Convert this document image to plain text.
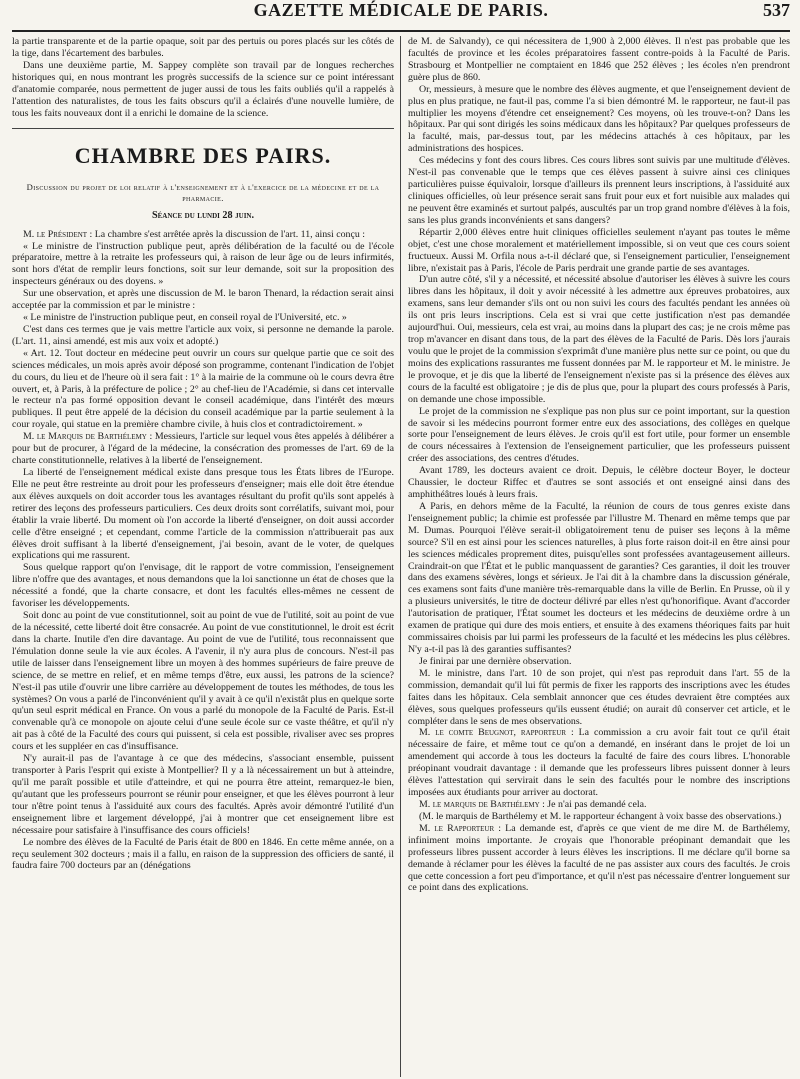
GAZETTE MÉDICALE DE PARIS.	537

la partie transparente et de la partie opaque, soit par des pertuis ou pores placés sur les côtés de la tige, dans l'écartement des barbules.

Dans une deuxième partie, M. Sappey complète son travail par de longues recherches historiques qui, en nous montrant les progrès successifs de la science sur ce point intéressant d'anatomie comparée, nous permettent de juger aussi de tous les faits oubliés qu'il a rappelés à l'attention des naturalistes, de tous les faits obscurs qu'il a éclairés d'une nouvelle lumière, de tous les faits nouveaux dont il a enrichi le domaine de la science.

CHAMBRE DES PAIRS.
Discussion du projet de loi relatif à l'enseignement et à l'exercice de la médecine et de la pharmacie.
Séance du lundi 28 juin.

M. le Président : La chambre s'est arrêtée après la discussion de l'art. 11, ainsi conçu :

« Le ministre de l'instruction publique peut, après délibération de la faculté ou de l'école préparatoire, mettre à la retraite les professeurs qui, à raison de leur âge ou de leurs infirmités, sont hors d'état de remplir leurs fonctions, soit sur leur demande, soit sur la proposition des inspecteurs généraux ou des doyens. »

Sur une observation, et après une discussion de M. le baron Thenard, la rédaction serait ainsi acceptée par la commission et par le ministre :

« Le ministre de l'instruction publique peut, en conseil royal de l'Université, etc. »

C'est dans ces termes que je vais mettre l'article aux voix, si personne ne demande la parole. (L'art. 11, ainsi amendé, est mis aux voix et adopté.)

« Art. 12. Tout docteur en médecine peut ouvrir un cours sur quelque partie que ce soit des sciences médicales, un mois après avoir déposé son programme, contenant l'indication de l'objet du cours, du lieu et de l'heure où il sera fait : 1° à la mairie de la commune où le cours devra être ouvert, et, à Paris, à la préfecture de police ; 2° au chef-lieu de l'Académie, si dans cet intervalle le recteur n'a pas formé opposition devant le conseil académique, dans l'intérêt des mœurs publiques. Il peut être appelé de la décision du conseil académique par la partie seulement à la cour royale, qui statue en la première chambre civile, à huis clos et contradictoirement. »

M. le Marquis de Barthélemy : Messieurs, l'article sur lequel vous êtes appelés à délibérer a pour but de procurer, à l'égard de la médecine, la consécration des promesses de l'art. 69 de la charte constitutionnelle, relatives à la liberté de l'enseignement.

La liberté de l'enseignement médical existe dans presque tous les États libres de l'Europe. Elle ne peut être restreinte au droit pour les professeurs d'enseigner; mais elle doit être étendue aux élèves auxquels on doit accorder tous les avantages résultant du profit qu'ils sont appelés à retirer des leçons des professeurs particuliers. Ces deux droits sont corrélatifs, suivant moi, pour établir la vraie liberté. Du moment où l'on accorde la liberté d'enseigner, on doit aussi accorder celle d'être enseigné ; et cependant, comme l'article de la commission n'attribuerait pas aux élèves droit suffisant à la liberté d'enseignement, j'ai besoin, avant de le voter, de quelques explications qui me rassurent.

Sous quelque rapport qu'on l'envisage, dit le rapport de votre commission, l'enseignement libre n'offre que des avantages, et nous demandons que la loi sanctionne un état de choses que la nécessité a fondé, que la charte consacre, et dont les facultés elles-mêmes ne cessent de favoriser les développements.

Soit donc au point de vue constitutionnel, soit au point de vue de l'utilité, soit au point de vue de la nécessité, cette liberté doit être consacrée. Au point de vue constitutionnel, le droit est écrit dans la charte. Inutile d'en dire davantage. Au point de vue de l'utilité, tous reconnaissent que l'émulation donne seule la vie aux écoles. A l'avenir, il n'y aura plus de concours. N'est-il pas utile de laisser dans l'enseignement libre un moyen à des hommes supérieurs de faire preuve de science, de se mettre en relief, et en même temps d'être, eux aussi, les patrons de la science? N'est-il pas utile d'ouvrir une libre carrière au développement de toutes les méthodes, de tous les systèmes? On vous a parlé de l'inconvénient qu'il y avait à ce qu'il n'existât plus en quelque sorte qu'un seul esprit médical en France. On vous a parlé du monopole de la Faculté de Paris. Est-il convenable qu'à ce monopole on ajoute celui d'une seule école sur ce vaste théâtre, et qu'il n'y ait pas à côté de la Faculté des cours qui puissent, si cela est possible, rivaliser avec ses propres cours et les suppléer en cas d'insuffisance.

N'y aurait-il pas de l'avantage à ce que des médecins, s'associant ensemble, puissent transporter à Paris l'esprit qui existe à Montpellier? Il y a là nécessairement un but à atteindre, qu'il me paraît possible et utile d'atteindre, et qui ne pourra être atteint, remarquez-le bien, qu'autant que les professeurs pourront se réunir pour enseigner, et que les élèves pourront à leur tour n'être point tenus à l'assiduité aux cours des facultés. Après avoir démontré l'utilité d'un enseignement libre et largement développé, j'ai à montrer que cet enseignement libre est nécessaire pour satisfaire à l'insuffisance des cours officiels!

Le nombre des élèves de la Faculté de Paris était de 800 en 1846. En cette même année, on a reçu seulement 302 docteurs ; mais il a fallu, en raison de la suppression des officiers de santé, il faudra faire 700 docteurs par an (dénégations

de M. de Salvandy), ce qui nécessitera de 1,900 à 2,000 élèves. Il n'est pas probable que les facultés de province et les écoles préparatoires fassent contre-poids à la Faculté de Paris. Strasbourg et Montpellier ne comptaient en 1846 que 252 élèves ; les écoles n'en prendront guère plus de 860.

Or, messieurs, à mesure que le nombre des élèves augmente, et que l'enseignement devient de plus en plus pratique, ne faut-il pas, comme l'a si bien démontré M. le rapporteur, ne faut-il pas multiplier les moyens d'étendre cet enseignement? Ces moyens, où les trouve-t-on? Dans les hôpitaux. Par qui sont dirigés les soins médicaux dans les hôpitaux? Par quelques professeurs de la faculté, mais, par-dessus tout, par les médecins attachés à ces hôpitaux, par les administrations des hospices.

Ces médecins y font des cours libres. Ces cours libres sont suivis par une multitude d'élèves. N'est-il pas convenable que le temps que ces élèves passent à suivre ainsi ces cliniques particulières puisse équivaloir, lorsque d'ailleurs ils prennent leurs inscriptions, à l'assiduité aux cliniques officielles, où leur présence serait sans fruit pour eux et fort nuisible aux malades qui ne peuvent être examinés et surtout palpés, auscultés par un trop grand nombre d'élèves à la fois, sans les plus grands inconvénients et sans dangers?

Répartir 2,000 élèves entre huit cliniques officielles seulement n'ayant pas toutes le même objet, c'est une chose moralement et matériellement impossible, si on veut que ces cours soient fructueux. Aussi M. Orfila nous a-t-il déclaré que, si l'enseignement particulier, l'enseignement libre, n'existait pas à Paris, l'école de Paris perdrait une grande partie de ses avantages.

D'un autre côté, s'il y a nécessité, et nécessité absolue d'autoriser les élèves à suivre les cours libres dans les hôpitaux, il doit y avoir nécessité à les admettre aux épreuves probatoires, aux examens, sans leur demander s'ils ont ou non suivi les cours des facultés pendant les années où ils ont pris leurs inscriptions. Cela est si vrai que cette justification n'est pas demandée aujourd'hui. Oui, messieurs, cela est vrai, au moins dans la plupart des cas; je ne crois même pas trop m'avancer en disant dans tous, de la part des élèves de la Faculté de Paris. Dès lors j'aurais voulu que le projet de la commission s'exprimât d'une manière plus nette sur ce point, ou que du moins des explications rassurantes me fussent données par M. le rapporteur et M. le ministre. Je le provoque, et je dis que la liberté de l'enseignement n'existe pas si la présence des élèves aux cours de la faculté est obligatoire ; je dis de plus que, pour la plupart des cours professés à Paris, on demande une chose impossible.

Le projet de la commission ne s'explique pas non plus sur ce point important, sur la question de savoir si les médecins pourront former entre eux des associations, des collèges en quelque sorte pour l'enseignement de leurs élèves. Je crois qu'il est fort utile, pour former un ensemble de cours nécessaires à l'extension de l'enseignement particulier, que les professeurs puissent créer des associations, des centres d'études.

Avant 1789, les docteurs avaient ce droit. Depuis, le célèbre docteur Boyer, le docteur Chaussier, le docteur Riffec et d'autres se sont associés et ont enseigné ainsi dans des amphithéâtres loués à leurs frais.

A Paris, en dehors même de la Faculté, la réunion de cours de tous genres existe dans l'enseignement public; la chimie est professée par l'illustre M. Thenard en même temps que par M. Dumas. Pourquoi l'élève serait-il obligatoirement tenu de puiser ses leçons à la même source? S'il en est ainsi pour les sciences naturelles, à plus forte raison doit-il en être ainsi pour les sciences médicales proprement dites, puisqu'elles sont professées avantageusement ailleurs. Craindrait-on que l'État et le public manquassent de garanties? Ces garanties, il doit les trouver dans des examens sévères, longs et sérieux. Je l'ai dit à la chambre dans la discussion générale, ces examens sont faits d'une manière très-remarquable dans la ville de Berlin. En Prusse, où il y a plusieurs universités, le titre de docteur délivré par elles n'est qu'honorifique. Avant d'accorder l'autorisation de pratiquer, l'État soumet les docteurs et les médecins de deuxième ordre à un examen de pratique qui dure des mois entiers, et ensuite à des examens théoriques faits par huit commissaires choisis par lui parmi les professeurs de la faculté et les médecins les plus célèbres. N'y a-t-il pas là des garanties suffisantes?

Je finirai par une dernière observation.

M. le ministre, dans l'art. 10 de son projet, qui n'est pas reproduit dans l'art. 55 de la commission, demandait qu'il lui fût permis de fixer les rapports des inscriptions avec les études faites dans les hôpitaux. Cela semblait annoncer que ces études devraient être comptées aux élèves, sous quelques professeurs qu'ils eussent étudié; on aurait dû conserver cet article, et le compléter dans le sens de mes observations.

M. le comte Beugnot, rapporteur : La commission a cru avoir fait tout ce qu'il était nécessaire de faire, et même tout ce qu'on a demandé, en insérant dans le projet de loi un amendement qui accorde à tous les docteurs la faculté de faire des cours libres. L'honorable préopinant voudrait davantage : il demande que les professeurs libres puissent donner à leurs élèves l'attestation qui servirait dans le sein des facultés pour le nombre des inscriptions imposées aux étudiants pour arriver au doctorat.

M. le marquis de Barthélemy : Je n'ai pas demandé cela.

(M. le marquis de Barthélemy et M. le rapporteur échangent à voix basse des observations.)

M. le Rapporteur : La demande est, d'après ce que vient de me dire M. de Barthélemy, infiniment moins importante. Je croyais que l'honorable préopinant demandait que les professeurs libres pussent accorder à leurs élèves les inscriptions. Il me déclare qu'il borne sa demande à réclamer pour les élèves la faculté de ne pas assister aux cours des facultés. Je crois que cette concession a fort peu d'importance, et qu'il n'est pas nécessaire d'entrer longuement sur ce point dans des explications.
